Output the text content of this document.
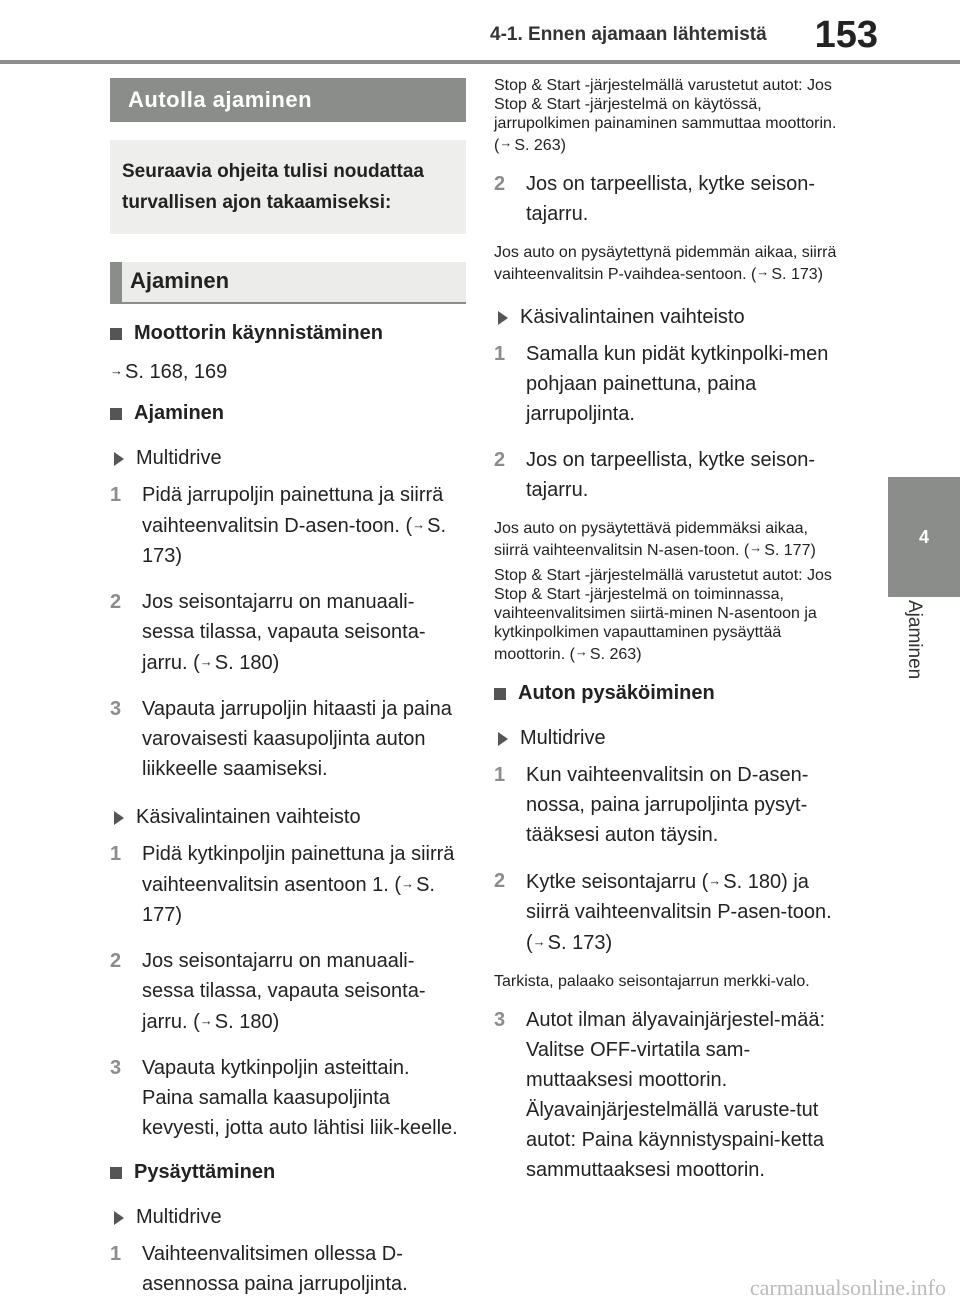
4-1. Ennen ajamaan lähtemistä 153
4
Ajaminen
Autolla ajaminen
Seuraavia ohjeita tulisi noudattaa turvallisen ajon takaamiseksi:
Ajaminen
Moottorin käynnistäminen
→ S. 168, 169
Ajaminen
Multidrive
1	Pidä jarrupoljin painettuna ja siirrä vaihteenvalitsin D-asen-toon. (→ S. 173)
2	Jos seisontajarru on manuaali-sessa tilassa, vapauta seisonta-jarru. (→ S. 180)
3	Vapauta jarrupoljin hitaasti ja paina varovaisesti kaasupoljinta auton liikkeelle saamiseksi.
Käsivalintainen vaihteisto
1	Pidä kytkinpoljin painettuna ja siirrä vaihteenvalitsin asentoon 1. (→ S. 177)
2	Jos seisontajarru on manuaali-sessa tilassa, vapauta seisonta-jarru. (→ S. 180)
3	Vapauta kytkinpoljin asteittain. Paina samalla kaasupoljinta kevyesti, jotta auto lähtisi liik-keelle.
Pysäyttäminen
Multidrive
1	Vaihteenvalitsimen ollessa D-asennossa paina jarrupoljinta.
Stop & Start -järjestelmällä varustetut autot: Jos Stop & Start -järjestelmä on käytössä, jarrupolkimen painaminen sammuttaa moottorin. (→ S. 263)
2	Jos on tarpeellista, kytke seison-tajarru.
Jos auto on pysäytettynä pidemmän aikaa, siirrä vaihteenvalitsin P-vaihdea-sentoon. (→ S. 173)
Käsivalintainen vaihteisto
1	Samalla kun pidät kytkinpolki-men pohjaan painettuna, paina jarrupoljinta.
2	Jos on tarpeellista, kytke seison-tajarru.
Jos auto on pysäytettävä pidemmäksi aikaa, siirrä vaihteenvalitsin N-asen-toon. (→ S. 177)
Stop & Start -järjestelmällä varustetut autot: Jos Stop & Start -järjestelmä on toiminnassa, vaihteenvalitsimen siirtä-minen N-asentoon ja kytkinpolkimen vapauttaminen pysäyttää moottorin. (→ S. 263)
Auton pysäköiminen
Multidrive
1	Kun vaihteenvalitsin on D-asen-nossa, paina jarrupoljinta pysyt-tääksesi auton täysin.
2	Kytke seisontajarru (→ S. 180) ja siirrä vaihteenvalitsin P-asen-toon. (→ S. 173)
Tarkista, palaako seisontajarrun merkki-valo.
3	Autot ilman älyavainjärjestel-mää: Valitse OFF-virtatila sam-muttaaksesi moottorin. Älyavainjärjestelmällä varuste-tut autot: Paina käynnistyspaini-ketta sammuttaaksesi moottorin.
carmanualsonline.info
